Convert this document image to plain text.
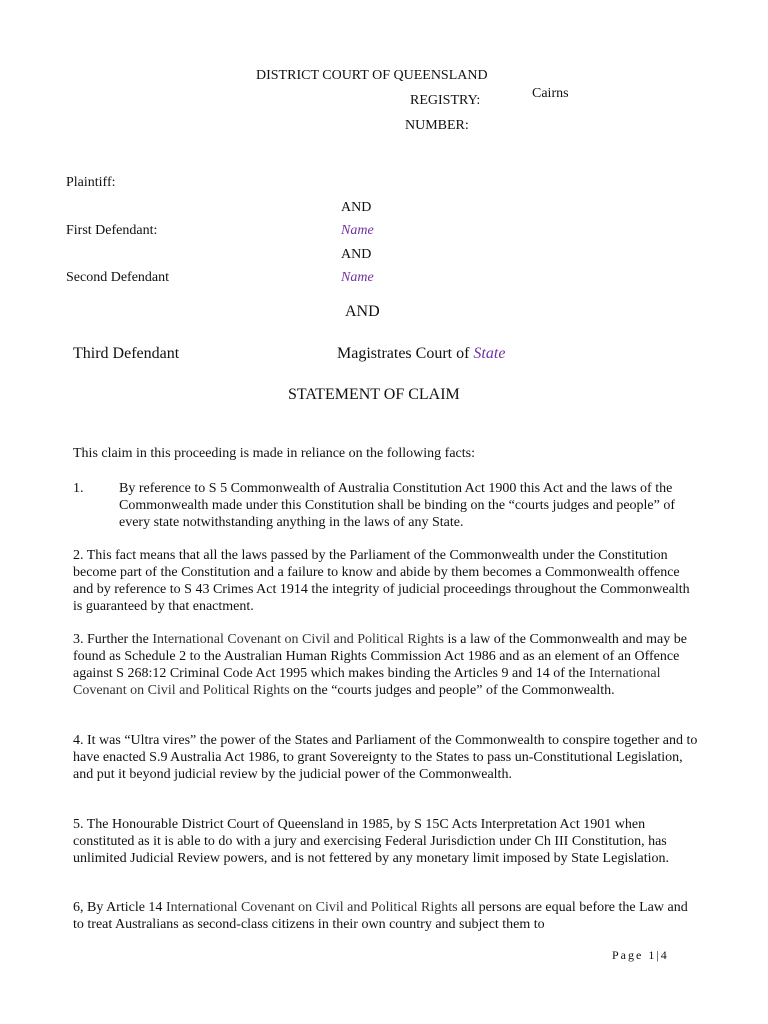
DISTRICT COURT OF QUEENSLAND
REGISTRY:	Cairns
NUMBER:
Plaintiff:
AND
First Defendant:	Name
AND
Second Defendant	Name
AND
Third Defendant	Magistrates Court of State
STATEMENT OF CLAIM
This claim in this proceeding is made in reliance on the following facts:
1.	By reference to S 5 Commonwealth of Australia Constitution Act 1900 this Act and the laws of the Commonwealth made under this Constitution shall be binding on the “courts judges and people” of every state notwithstanding anything in the laws of any State.

2. This fact means that all the laws passed by the Parliament of the Commonwealth under the Constitution become part of the Constitution and a failure to know and abide by them becomes a Commonwealth offence and by reference to S 43 Crimes Act 1914 the integrity of judicial proceedings throughout the Commonwealth is guaranteed by that enactment.

3. Further the International Covenant on Civil and Political Rights is a law of the Commonwealth and may be found as Schedule 2 to the Australian Human Rights Commission Act 1986 and as an element of an Offence against S 268:12 Criminal Code Act 1995 which makes binding the Articles 9 and 14 of the International Covenant on Civil and Political Rights on the “courts judges and people” of the Commonwealth.

4. It was “Ultra vires” the power of the States and Parliament of the Commonwealth to conspire together and to have enacted S.9 Australia Act 1986, to grant Sovereignty to the States to pass un-Constitutional Legislation, and put it beyond judicial review by the judicial power of the Commonwealth.

5. The Honourable District Court of Queensland in 1985, by S 15C Acts Interpretation Act 1901 when constituted as it is able to do with a jury and exercising Federal Jurisdiction under Ch III Constitution, has unlimited Judicial Review powers, and is not fettered by any monetary limit imposed by State Legislation.

6, By Article 14 International Covenant on Civil and Political Rights all persons are equal before the Law and to treat Australians as second-class citizens in their own country and subject them to

Page 1|4
